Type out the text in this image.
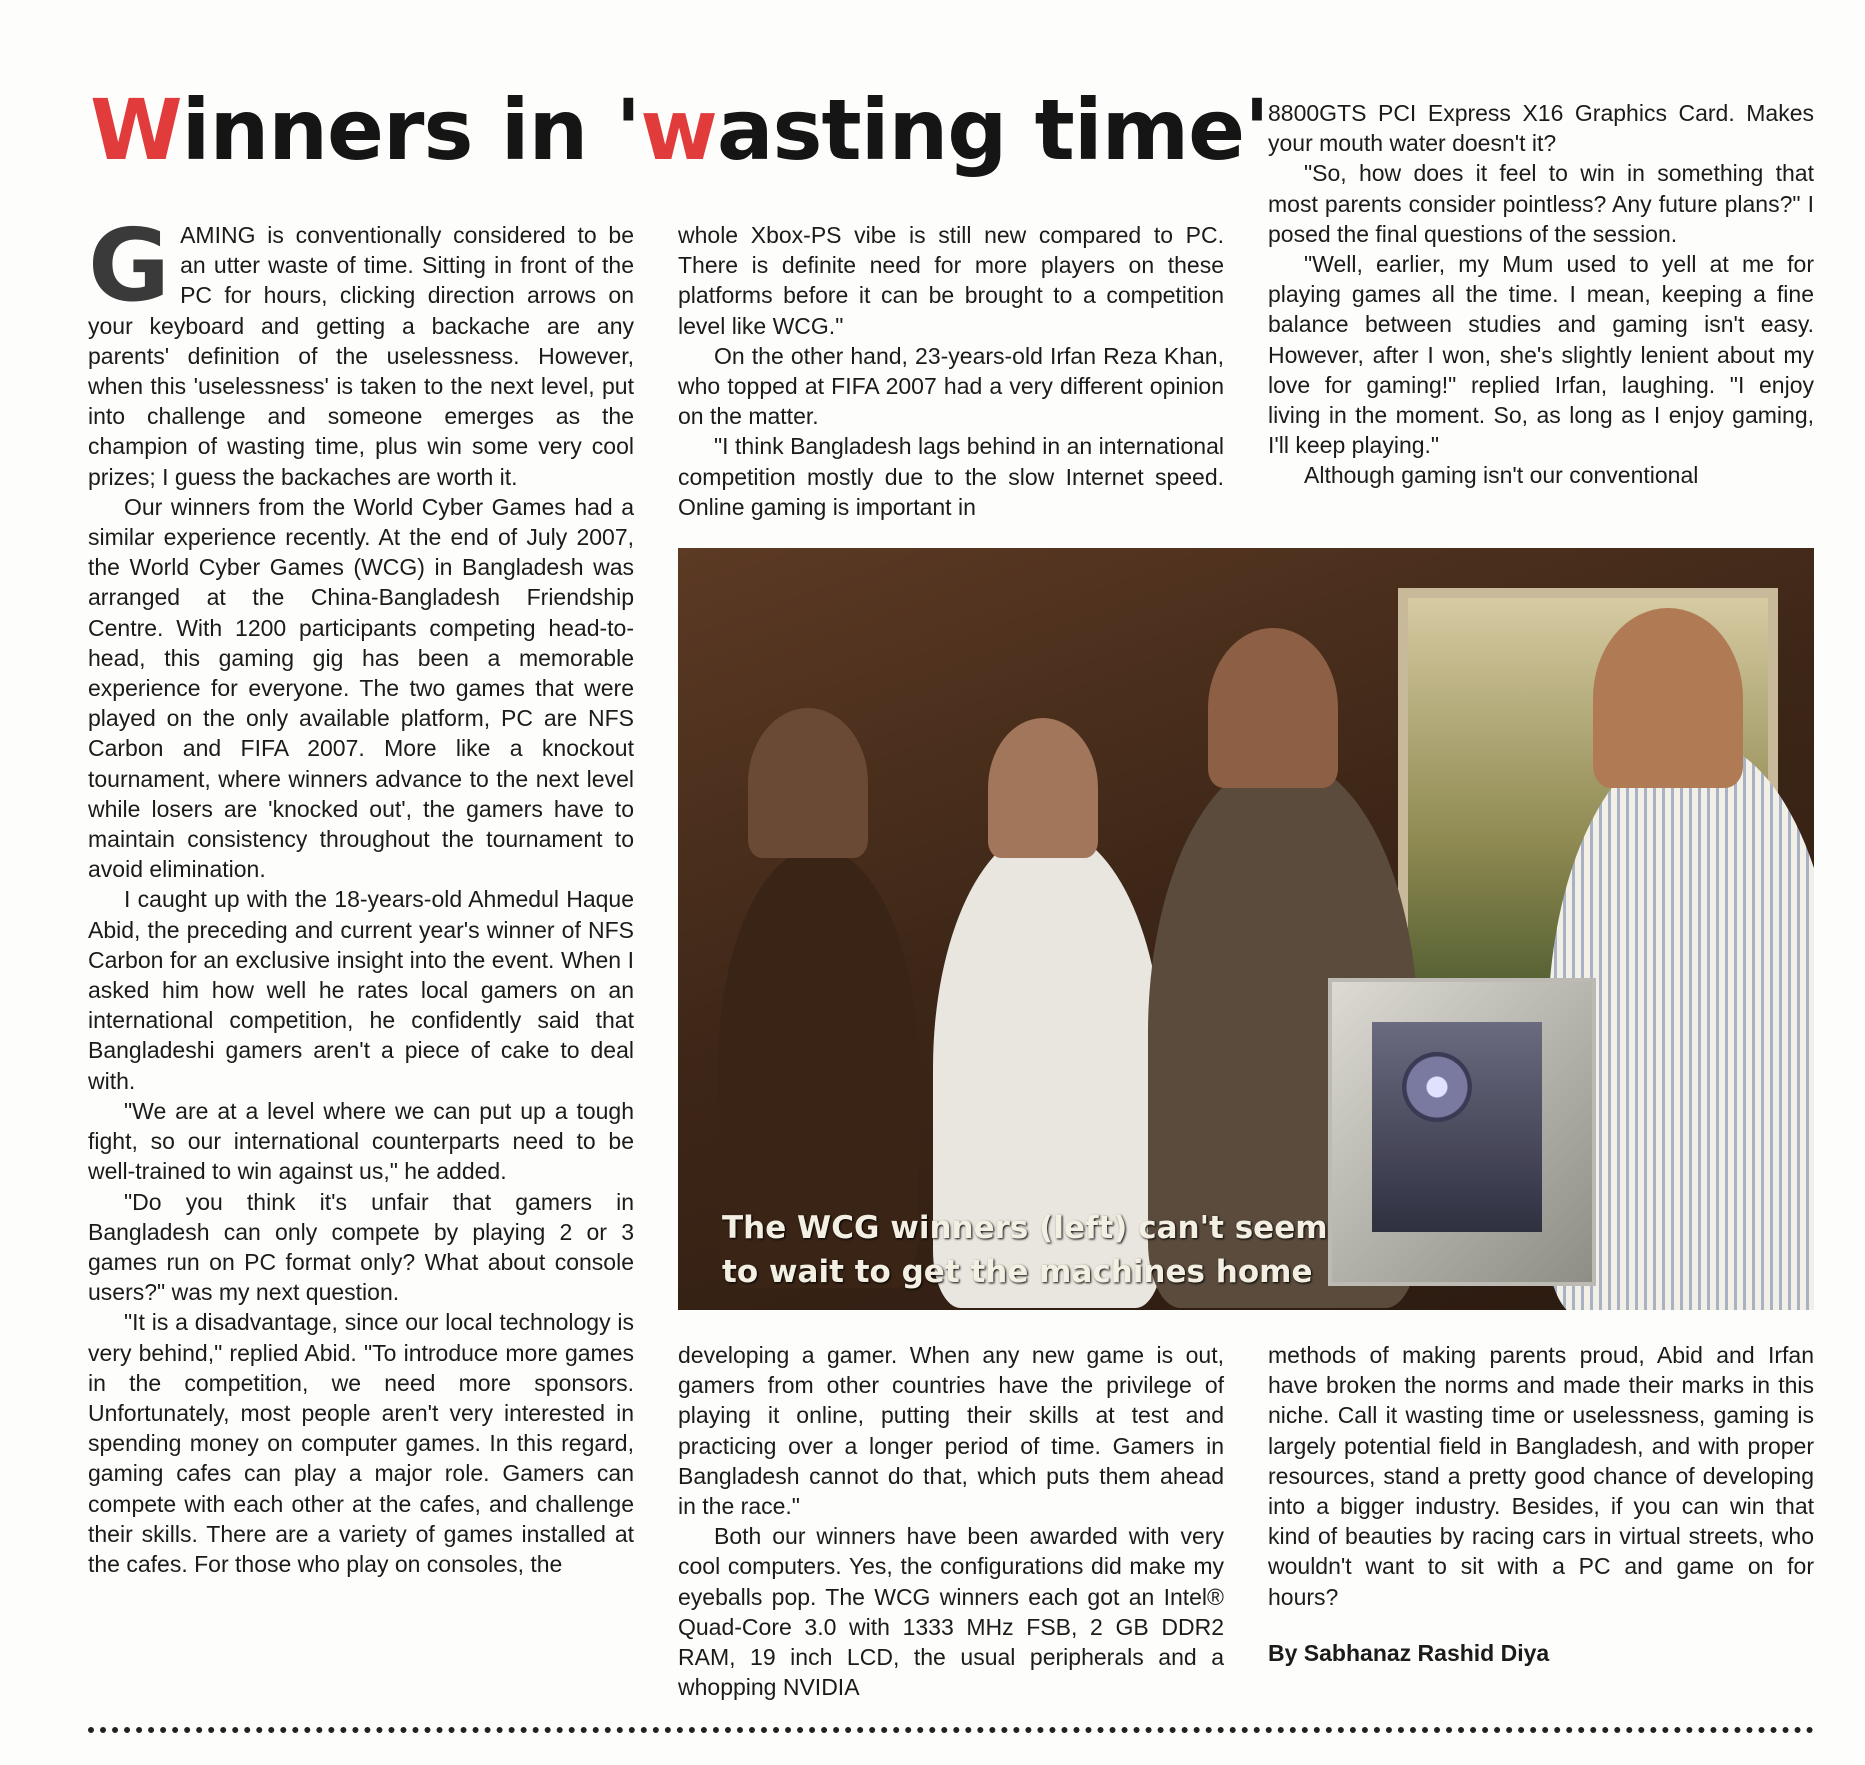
Winners in 'wasting time'

GAMING is conventionally considered to be an utter waste of time. Sitting in front of the PC for hours, clicking direction arrows on your keyboard and getting a backache are any parents' definition of the uselessness. However, when this 'uselessness' is taken to the next level, put into challenge and someone emerges as the champion of wasting time, plus win some very cool prizes; I guess the backaches are worth it.

Our winners from the World Cyber Games had a similar experience recently. At the end of July 2007, the World Cyber Games (WCG) in Bangladesh was arranged at the China-Bangladesh Friendship Centre. With 1200 participants competing head-to-head, this gaming gig has been a memorable experience for everyone. The two games that were played on the only available platform, PC are NFS Carbon and FIFA 2007. More like a knockout tournament, where winners advance to the next level while losers are 'knocked out', the gamers have to maintain consistency throughout the tournament to avoid elimination.

I caught up with the 18-years-old Ahmedul Haque Abid, the preceding and current year's winner of NFS Carbon for an exclusive insight into the event. When I asked him how well he rates local gamers on an international competition, he confidently said that Bangladeshi gamers aren't a piece of cake to deal with.

"We are at a level where we can put up a tough fight, so our international counterparts need to be well-trained to win against us," he added.

"Do you think it's unfair that gamers in Bangladesh can only compete by playing 2 or 3 games run on PC format only? What about console users?" was my next question.

"It is a disadvantage, since our local technology is very behind," replied Abid. "To introduce more games in the competition, we need more sponsors. Unfortunately, most people aren't very interested in spending money on computer games. In this regard, gaming cafes can play a major role. Gamers can compete with each other at the cafes, and challenge their skills. There are a variety of games installed at the cafes. For those who play on consoles, the

whole Xbox-PS vibe is still new compared to PC. There is definite need for more players on these platforms before it can be brought to a competition level like WCG."

On the other hand, 23-years-old Irfan Reza Khan, who topped at FIFA 2007 had a very different opinion on the matter.

"I think Bangladesh lags behind in an international competition mostly due to the slow Internet speed. Online gaming is important in

8800GTS PCI Express X16 Graphics Card. Makes your mouth water doesn't it?

"So, how does it feel to win in something that most parents consider pointless? Any future plans?" I posed the final questions of the session.

"Well, earlier, my Mum used to yell at me for playing games all the time. I mean, keeping a fine balance between studies and gaming isn't easy. However, after I won, she's slightly lenient about my love for gaming!" replied Irfan, laughing. "I enjoy living in the moment. So, as long as I enjoy gaming, I'll keep playing."

Although gaming isn't our conventional

The WCG winners (left) can't seem
to wait to get the machines home

developing a gamer. When any new game is out, gamers from other countries have the privilege of playing it online, putting their skills at test and practicing over a longer period of time. Gamers in Bangladesh cannot do that, which puts them ahead in the race."

Both our winners have been awarded with very cool computers. Yes, the configurations did make my eyeballs pop. The WCG winners each got an Intel® Quad-Core 3.0 with 1333 MHz FSB, 2 GB DDR2 RAM, 19 inch LCD, the usual peripherals and a whopping NVIDIA

methods of making parents proud, Abid and Irfan have broken the norms and made their marks in this niche. Call it wasting time or uselessness, gaming is largely potential field in Bangladesh, and with proper resources, stand a pretty good chance of developing into a bigger industry. Besides, if you can win that kind of beauties by racing cars in virtual streets, who wouldn't want to sit with a PC and game on for hours?

By Sabhanaz Rashid Diya
